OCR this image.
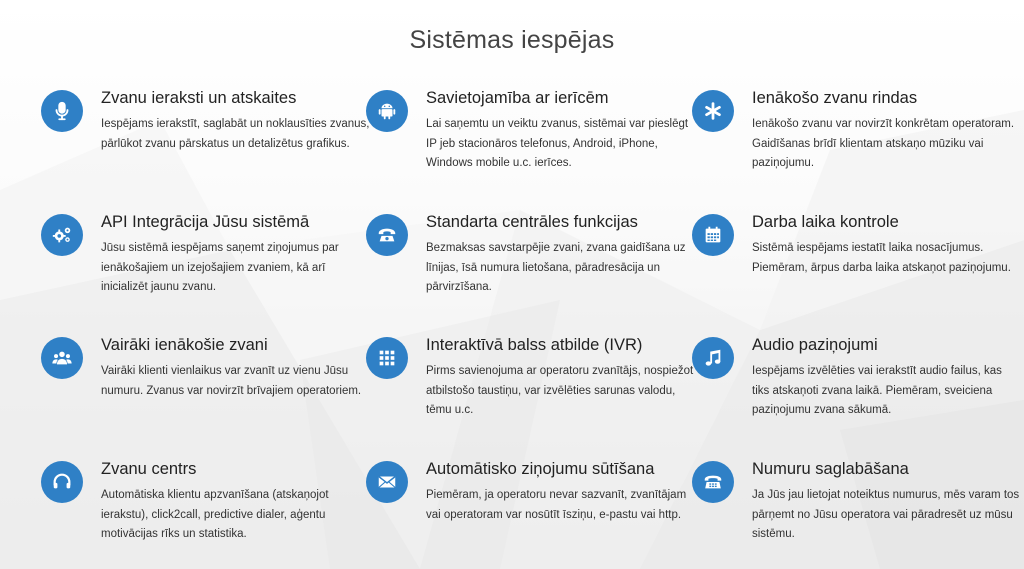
Sistēmas iespējas
Zvanu ieraksti un atskaites

Iespējams ierakstīt, saglabāt un noklausīties zvanus, pārlūkot zvanu pārskatus un detalizētus grafikus.

Savietojamība ar ierīcēm

Lai saņemtu un veiktu zvanus, sistēmai var pieslēgt IP jeb stacionāros telefonus, Android, iPhone, Windows mobile u.c. ierīces.

Ienākošo zvanu rindas

Ienākošo zvanu var novirzīt konkrētam operatoram. Gaidīšanas brīdī klientam atskaņo mūziku vai paziņojumu.

API Integrācija Jūsu sistēmā

Jūsu sistēmā iespējams saņemt ziņojumus par ienākošajiem un izejošajiem zvaniem, kā arī inicializēt jaunu zvanu.

Standarta centrāles funkcijas

Bezmaksas savstarpējie zvani, zvana gaidīšana uz līnijas, īsā numura lietošana, pāradresācija un pārvirzīšana.

Darba laika kontrole

Sistēmā iespējams iestatīt laika nosacījumus. Piemēram, ārpus darba laika atskaņot paziņojumu.

Vairāki ienākošie zvani

Vairāki klienti vienlaikus var zvanīt uz vienu Jūsu numuru. Zvanus var novirzīt brīvajiem operatoriem.

Interaktīvā balss atbilde (IVR)

Pirms savienojuma ar operatoru zvanītājs, nospiežot atbilstošo taustiņu, var izvēlēties sarunas valodu, tēmu u.c.

Audio paziņojumi

Iespējams izvēlēties vai ierakstīt audio failus, kas tiks atskaņoti zvana laikā. Piemēram, sveiciena paziņojumu zvana sākumā.

Zvanu centrs

Automātiska klientu apzvanīšana (atskaņojot ierakstu), click2call, predictive dialer, aģentu motivācijas rīks un statistika.

Automātisko ziņojumu sūtīšana

Piemēram, ja operatoru nevar sazvanīt, zvanītājam vai operatoram var nosūtīt īsziņu, e-pastu vai http.

Numuru saglabāšana

Ja Jūs jau lietojat noteiktus numurus, mēs varam tos pārņemt no Jūsu operatora vai pāradresēt uz mūsu sistēmu.
